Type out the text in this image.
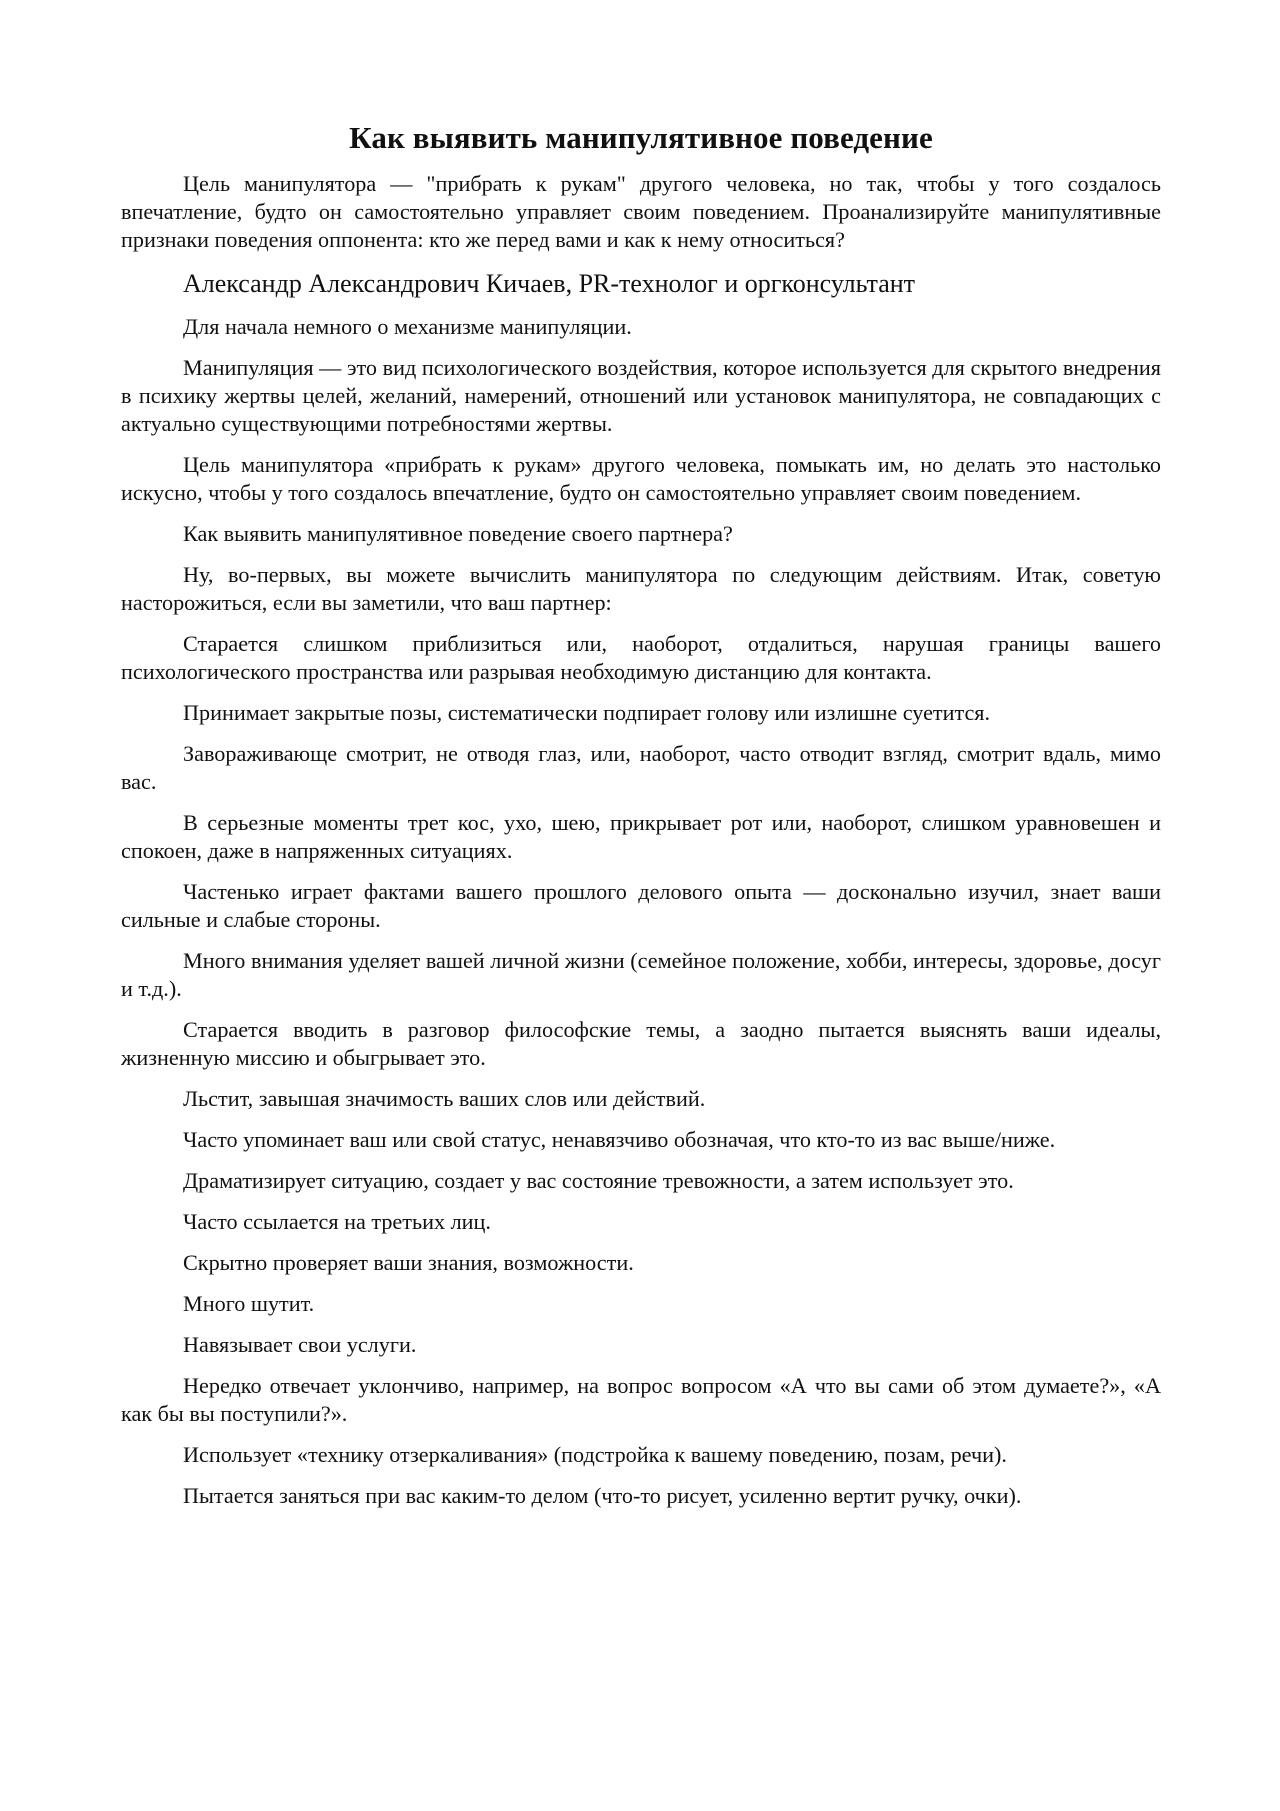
Как выявить манипулятивное поведение

Цель манипулятора — "прибрать к рукам" другого человека, но так, чтобы у того создалось впечатление, будто он самостоятельно управляет своим поведением. Проанализируйте манипулятивные признаки поведения оппонента: кто же перед вами и как к нему относиться?

Александр Александрович Кичаев, PR-технолог и оргконсультант

Для начала немного о механизме манипуляции.

Манипуляция — это вид психологического воздействия, которое используется для скрытого внедрения в психику жертвы целей, желаний, намерений, отношений или установок манипулятора, не совпадающих с актуально существующими потребностями жертвы.

Цель манипулятора «прибрать к рукам» другого человека, помыкать им, но делать это настолько искусно, чтобы у того создалось впечатление, будто он самостоятельно управляет своим поведением.

Как выявить манипулятивное поведение своего партнера?

Ну, во-первых, вы можете вычислить манипулятора по следующим действиям. Итак, советую насторожиться, если вы заметили, что ваш партнер:

Старается слишком приблизиться или, наоборот, отдалиться, нарушая границы вашего психологического пространства или разрывая необходимую дистанцию для контакта.

Принимает закрытые позы, систематически подпирает голову или излишне суетится.

Завораживающе смотрит, не отводя глаз, или, наоборот, часто отводит взгляд, смотрит вдаль, мимо вас.

В серьезные моменты трет кос, ухо, шею, прикрывает рот или, наоборот, слишком уравновешен и спокоен, даже в напряженных ситуациях.

Частенько играет фактами вашего прошлого делового опыта — досконально изучил, знает ваши сильные и слабые стороны.

Много внимания уделяет вашей личной жизни (семейное положение, хобби, интересы, здоровье, досуг и т.д.).

Старается вводить в разговор философские темы, а заодно пытается выяснять ваши идеалы, жизненную миссию и обыгрывает это.

Льстит, завышая значимость ваших слов или действий.

Часто упоминает ваш или свой статус, ненавязчиво обозначая, что кто-то из вас выше/ниже.

Драматизирует ситуацию, создает у вас состояние тревожности, а затем использует это.

Часто ссылается на третьих лиц.

Скрытно проверяет ваши знания, возможности.

Много шутит.

Навязывает свои услуги.

Нередко отвечает уклончиво, например, на вопрос вопросом «А что вы сами об этом думаете?», «А как бы вы поступили?».

Использует «технику отзеркаливания» (подстройка к вашему поведению, позам, речи).

Пытается заняться при вас каким-то делом (что-то рисует, усиленно вертит ручку, очки).
